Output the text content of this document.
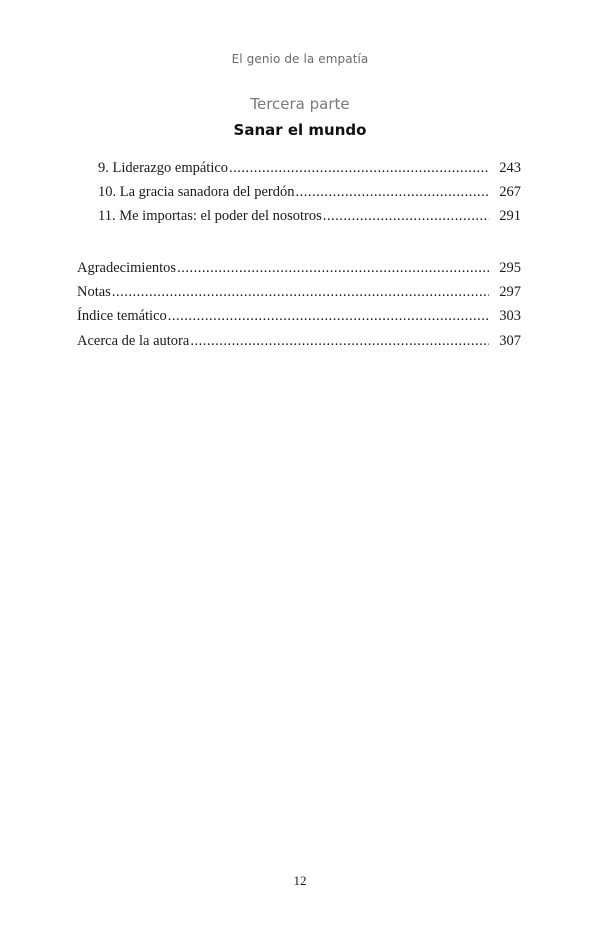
El genio de la empatía
Tercera parte
Sanar el mundo
9. Liderazgo empático .....	243
10. La gracia sanadora del perdón .....	267
11. Me importas: el poder del nosotros .....	291
Agradecimientos .....	295
Notas .....	297
Índice temático .....	303
Acerca de la autora .....	307
12
